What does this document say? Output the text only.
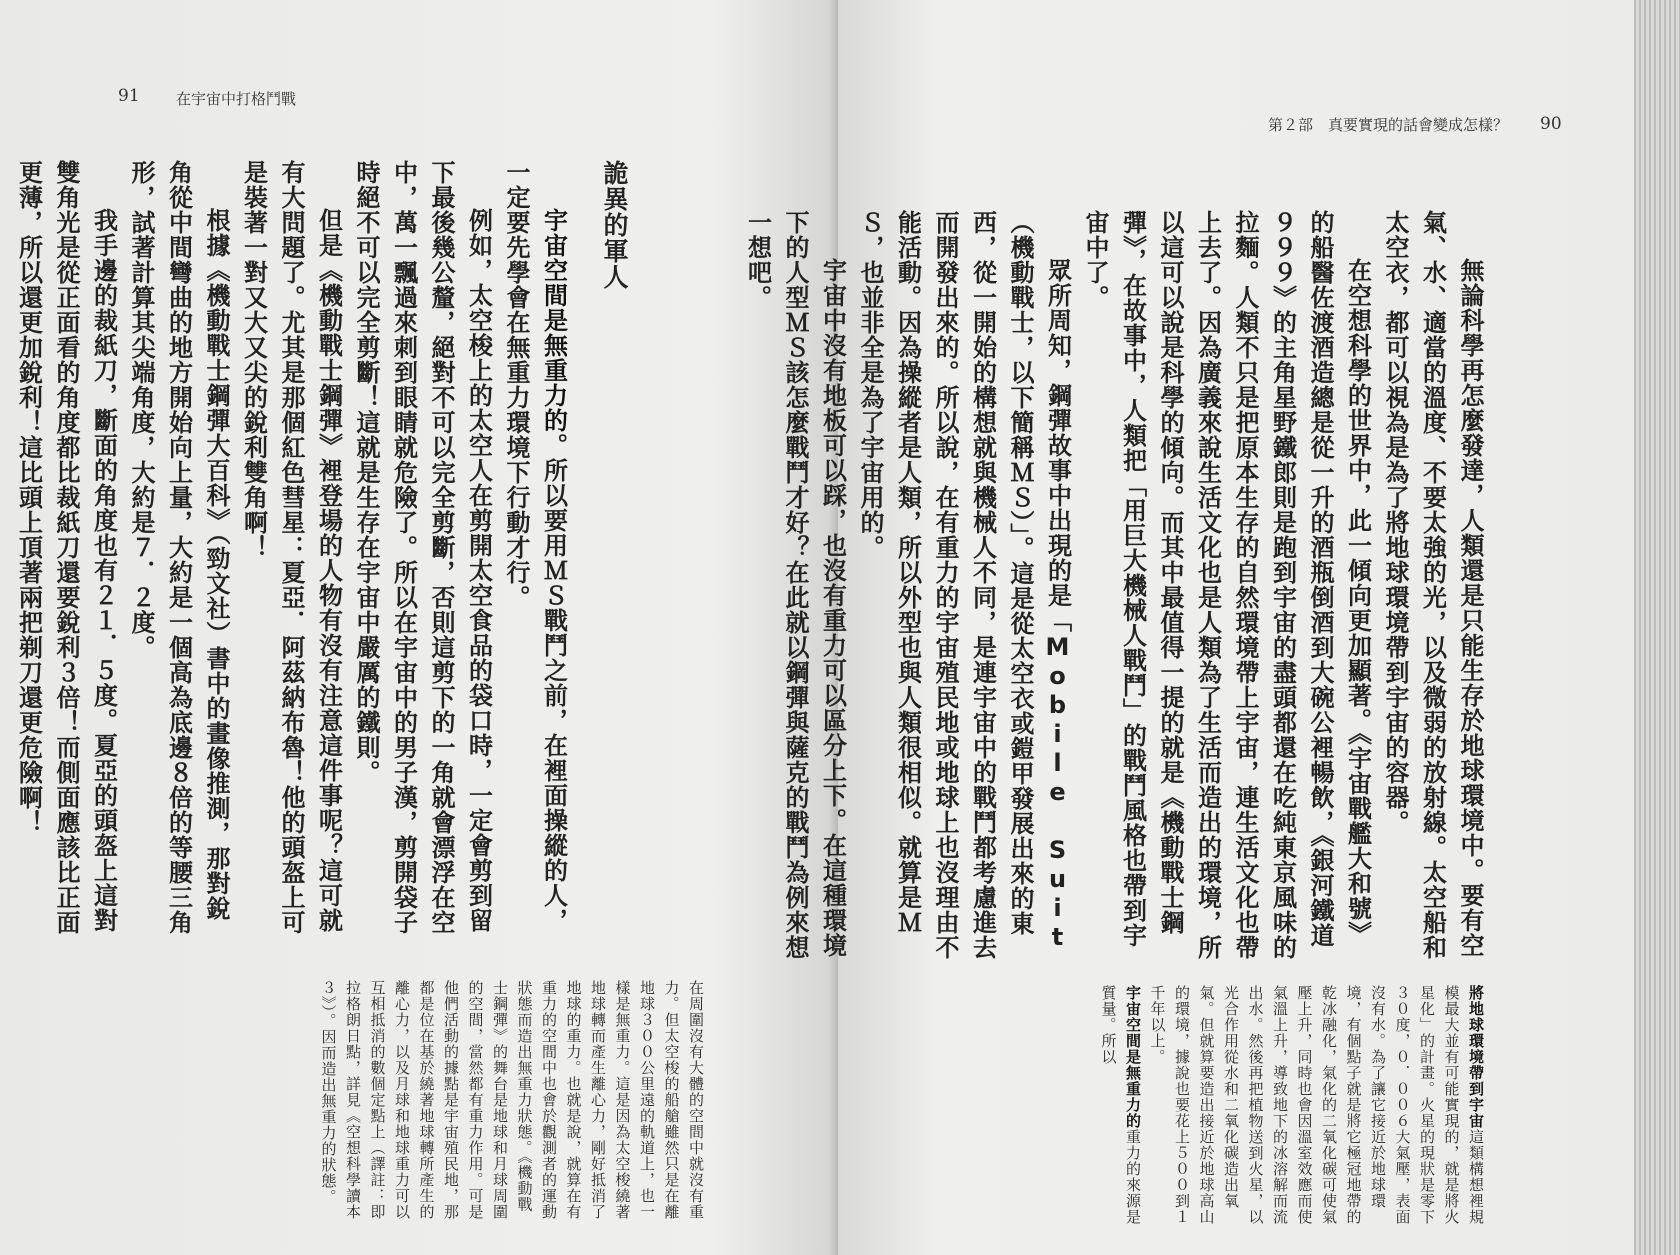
91 在宇宙中打格鬥戰

詭異的軍人

宇宙空間是無重力的。所以要用ＭＳ戰鬥之前，在裡面操縱的人，一定要先學會在無重力環境下行動才行。

例如，太空梭上的太空人在剪開太空食品的袋口時，一定會剪到留下最後幾公釐，絕對不可以完全剪斷，否則這剪下的一角就會漂浮在空中，萬一飄過來刺到眼睛就危險了。所以在宇宙中的男子漢，剪開袋子時絕不可以完全剪斷！這就是生存在宇宙中嚴厲的鐵則。

但是《機動戰士鋼彈》裡登場的人物有沒有注意這件事呢？這可就有大問題了。尤其是那個紅色彗星：夏亞．阿茲納布魯！他的頭盔上可是裝著一對又大又尖的銳利雙角啊！

根據《機動戰士鋼彈大百科》（勁文社）書中的畫像推測，那對銳角從中間彎曲的地方開始向上量，大約是一個高為底邊８倍的等腰三角形，試著計算其尖端角度，大約是７．２度。

我手邊的裁紙刀，斷面的角度也有２１．５度。夏亞的頭盔上這對雙角光是從正面看的角度都比裁紙刀還要銳利３倍！而側面應該比正面更薄，所以還更加銳利！這比頭上頂著兩把剃刀還更危險啊！

在周圍沒有大體的空間中就沒有重力。但太空梭的船艙雖然只是在離地球３００公里遠的軌道上，也一樣是無重力。這是因為太空梭繞著地球轉而產生離心力，剛好抵消了地球的重力。也就是說，就算在有重力的空間中也會於觀測者的運動狀態而造出無重力狀態。《機動戰士鋼彈》的舞台是地球和月球周圍的空間，當然都有重力作用。可是他們活動的據點是宇宙殖民地，那都是位在基於繞著地球轉所產生的離心力，以及月球和地球重力可以互相抵消的數個定點上（譯註：即拉格朗日點，詳見《空想科學讀本３》）。因而造出無重力的狀態。

第２部　真要實現的話會變成怎樣？ 90

無論科學再怎麼發達，人類還是只能生存於地球環境中。要有空氣、水、適當的溫度、不要太強的光，以及微弱的放射線。太空船和太空衣，都可以視為是為了將地球環境帶到宇宙的容器。

在空想科學的世界中，此一傾向更加顯著。《宇宙戰艦大和號》的船醫佐渡酒造總是從一升的酒瓶倒酒到大碗公裡暢飲，《銀河鐵道９９９》的主角星野鐵郎則是跑到宇宙的盡頭都還在吃純東京風味的拉麵。人類不只是把原本生存的自然環境帶上宇宙，連生活文化也帶上去了。因為廣義來說生活文化也是人類為了生活而造出的環境，所以這可以說是科學的傾向。而其中最值得一提的就是《機動戰士鋼彈》，在故事中，人類把「用巨大機械人戰鬥」的戰鬥風格也帶到宇宙中了。

眾所周知，鋼彈故事中出現的是「Mobile Suit（機動戰士，以下簡稱ＭＳ）」。這是從太空衣或鎧甲發展出來的東西，從一開始的構想就與機械人不同，是連宇宙中的戰鬥都考慮進去而開發出來的。所以說，在有重力的宇宙殖民地或地球上也沒理由不能活動。因為操縱者是人類，所以外型也與人類很相似。就算是ＭＳ，也並非全是為了宇宙用的。

宇宙中沒有地板可以踩，也沒有重力可以區分上下。在這種環境下的人型ＭＳ該怎麼戰鬥才好？在此就以鋼彈與薩克的戰鬥為例來想一想吧。

將地球環境帶到宇宙這類構想裡規模最大並有可能實現的，就是將火星化」的計畫。火星的現狀是零下３０度，０．００６大氣壓，表面沒有水。為了讓它接近於地球環境，有個點子就是將它極冠地帶的乾冰融化，氣化的二氧化碳可使氣壓上升，同時也會因溫室效應而使氣溫上升，導致地下的冰溶解而流出水。然後再把植物送到火星，以光合作用從水和二氧化碳造出氧氣。但就算要造出接近於地球高山的環境，據說也要花上５００到１千年以上。

宇宙空間是無重力的重力的來源是質量。所以
